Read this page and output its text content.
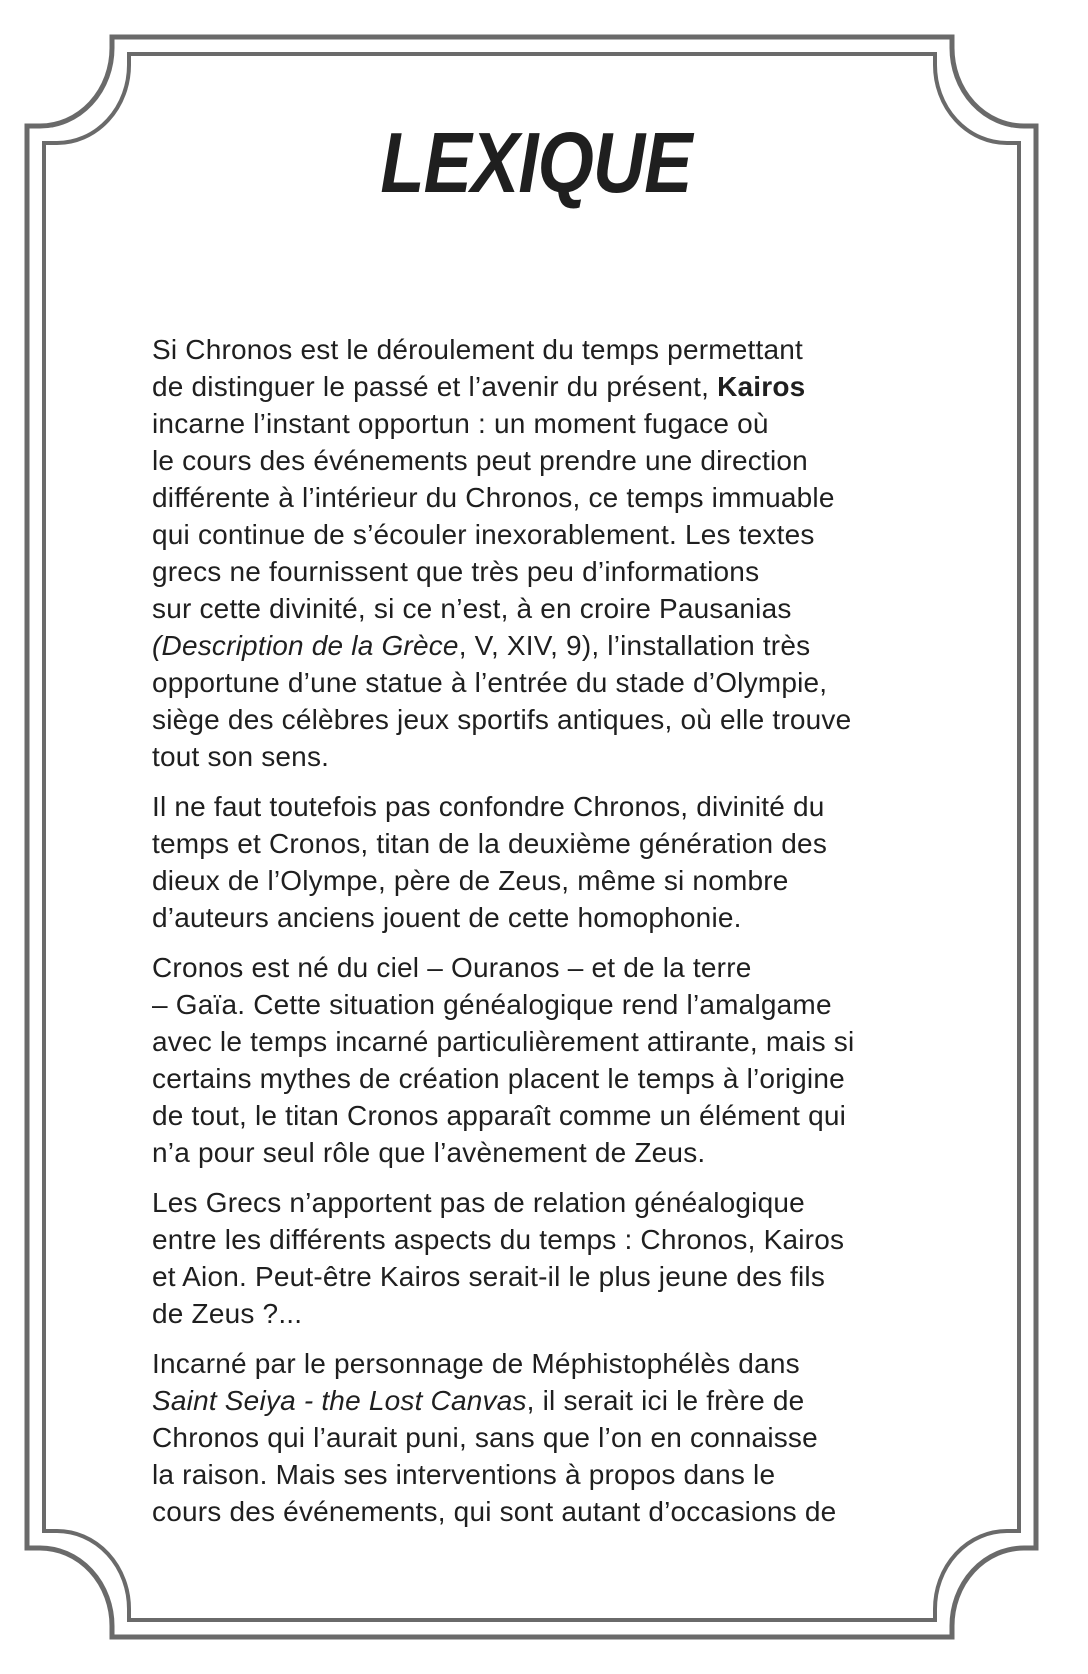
LEXIQUE
Si Chronos est le déroulement du temps permettant
de distinguer le passé et l’avenir du présent, Kairos
incarne l’instant opportun : un moment fugace où
le cours des événements peut prendre une direction
différente à l’intérieur du Chronos, ce temps immuable
qui continue de s’écouler inexorablement. Les textes
grecs ne fournissent que très peu d’informations
sur cette divinité, si ce n’est, à en croire Pausanias
(Description de la Grèce, V, XIV, 9), l’installation très
opportune d’une statue à l’entrée du stade d’Olympie,
siège des célèbres jeux sportifs antiques, où elle trouve
tout son sens.
Il ne faut toutefois pas confondre Chronos, divinité du
temps et Cronos, titan de la deuxième génération des
dieux de l’Olympe, père de Zeus, même si nombre
d’auteurs anciens jouent de cette homophonie.
Cronos est né du ciel – Ouranos – et de la terre
– Gaïa. Cette situation généalogique rend l’amalgame
avec le temps incarné particulièrement attirante, mais si
certains mythes de création placent le temps à l’origine
de tout, le titan Cronos apparaît comme un élément qui
n’a pour seul rôle que l’avènement de Zeus.
Les Grecs n’apportent pas de relation généalogique
entre les différents aspects du temps : Chronos, Kairos
et Aion. Peut-être Kairos serait-il le plus jeune des fils
de Zeus ?...
Incarné par le personnage de Méphistophélès dans
Saint Seiya - the Lost Canvas, il serait ici le frère de
Chronos qui l’aurait puni, sans que l’on en connaisse
la raison. Mais ses interventions à propos dans le
cours des événements, qui sont autant d’occasions de
